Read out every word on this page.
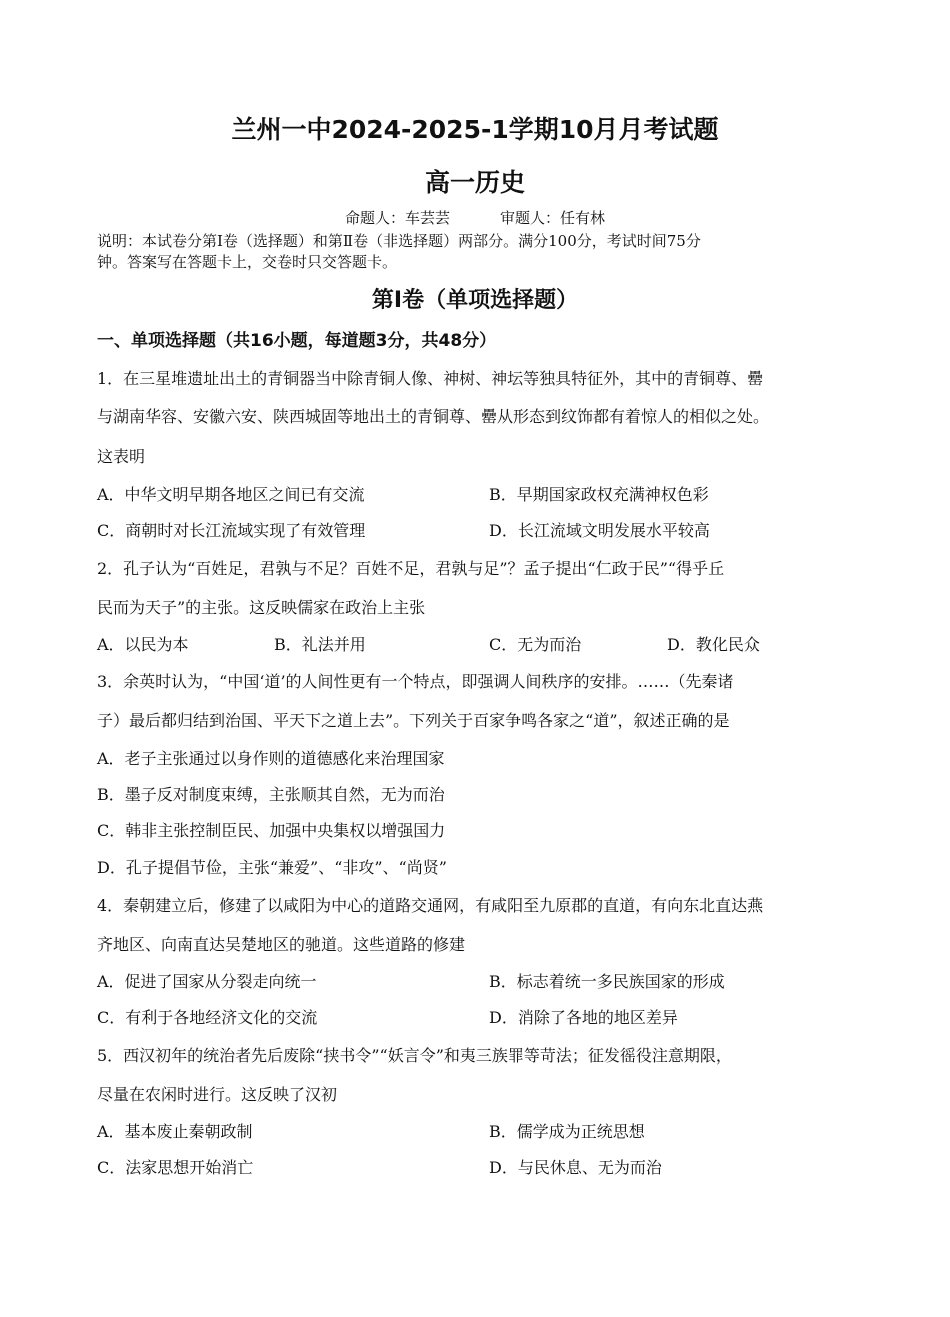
兰州一中2024-2025-1学期10月月考试题
高一历史
命题人：车芸芸	审题人：任有林
说明：本试卷分第Ⅰ卷（选择题）和第Ⅱ卷（非选择题）两部分。满分100分，考试时间75分
钟。答案写在答题卡上，交卷时只交答题卡。
第Ⅰ卷（单项选择题）
一、单项选择题（共16小题，每道题3分，共48分）
1．在三星堆遗址出土的青铜器当中除青铜人像、神树、神坛等独具特征外，其中的青铜尊、罍
与湖南华容、安徽六安、陕西城固等地出土的青铜尊、罍从形态到纹饰都有着惊人的相似之处。
这表明
A．中华文明早期各地区之间已有交流	B．早期国家政权充满神权色彩
C．商朝时对长江流域实现了有效管理	D．长江流域文明发展水平较高
2．孔子认为“百姓足，君孰与不足？百姓不足，君孰与足”？孟子提出“仁政于民”“得乎丘
民而为天子”的主张。这反映儒家在政治上主张
A．以民为本	B．礼法并用	C．无为而治	D．教化民众
3．余英时认为，“中国‘道’的人间性更有一个特点，即强调人间秩序的安排。……（先秦诸
子）最后都归结到治国、平天下之道上去”。下列关于百家争鸣各家之“道”，叙述正确的是
A．老子主张通过以身作则的道德感化来治理国家
B．墨子反对制度束缚，主张顺其自然，无为而治
C．韩非主张控制臣民、加强中央集权以增强国力
D．孔子提倡节俭，主张“兼爱”、“非攻”、“尚贤”
4．秦朝建立后，修建了以咸阳为中心的道路交通网，有咸阳至九原郡的直道，有向东北直达燕
齐地区、向南直达吴楚地区的驰道。这些道路的修建
A．促进了国家从分裂走向统一	B．标志着统一多民族国家的形成
C．有利于各地经济文化的交流	D．消除了各地的地区差异
5．西汉初年的统治者先后废除“挟书令”“妖言令”和夷三族罪等苛法；征发徭役注意期限，
尽量在农闲时进行。这反映了汉初
A．基本废止秦朝政制	B．儒学成为正统思想
C．法家思想开始消亡	D．与民休息、无为而治
